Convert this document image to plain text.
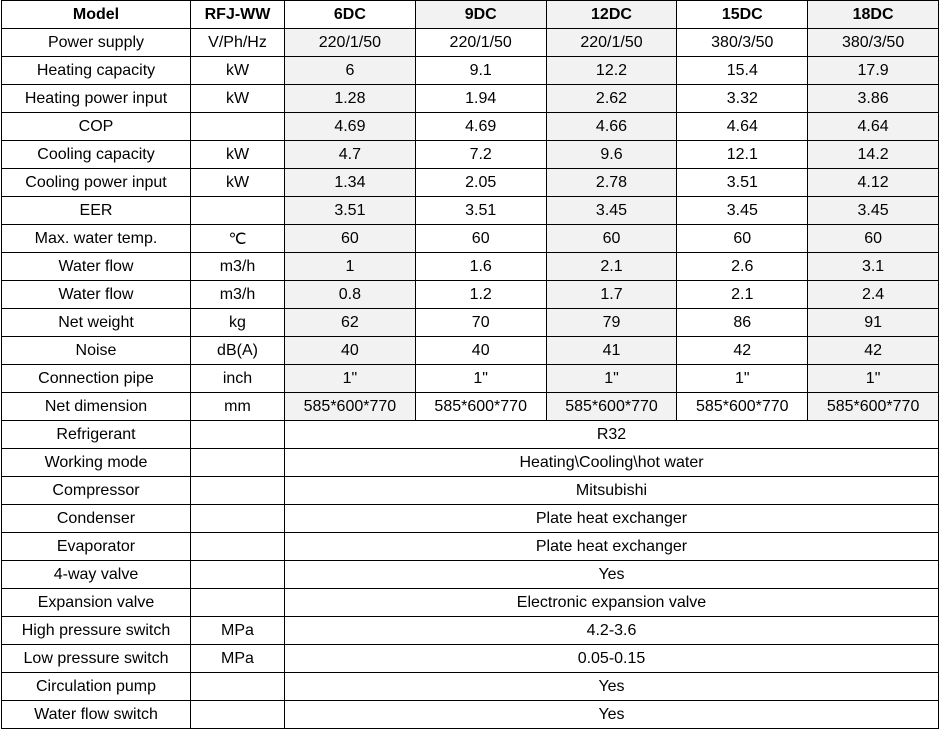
Model	RFJ-WW	6DC	9DC	12DC	15DC	18DC
Power supply	V/Ph/Hz	220/1/50	220/1/50	220/1/50	380/3/50	380/3/50
Heating capacity	kW	6	9.1	12.2	15.4	17.9
Heating power input	kW	1.28	1.94	2.62	3.32	3.86
COP		4.69	4.69	4.66	4.64	4.64
Cooling capacity	kW	4.7	7.2	9.6	12.1	14.2
Cooling power input	kW	1.34	2.05	2.78	3.51	4.12
EER		3.51	3.51	3.45	3.45	3.45
Max. water temp.	℃	60	60	60	60	60
Water flow	m3/h	1	1.6	2.1	2.6	3.1
Water flow	m3/h	0.8	1.2	1.7	2.1	2.4
Net weight	kg	62	70	79	86	91
Noise	dB(A)	40	40	41	42	42
Connection pipe	inch	1"	1"	1"	1"	1"
Net dimension	mm	585*600*770	585*600*770	585*600*770	585*600*770	585*600*770
Refrigerant		R32				
Working mode		Heating\Cooling\hot water				
Compressor		Mitsubishi				
Condenser		Plate heat exchanger				
Evaporator		Plate heat exchanger				
4-way valve		Yes				
Expansion valve		Electronic expansion valve				
High pressure switch	MPa	4.2-3.6				
Low pressure switch	MPa	0.05-0.15				
Circulation pump		Yes				
Water flow switch		Yes				
